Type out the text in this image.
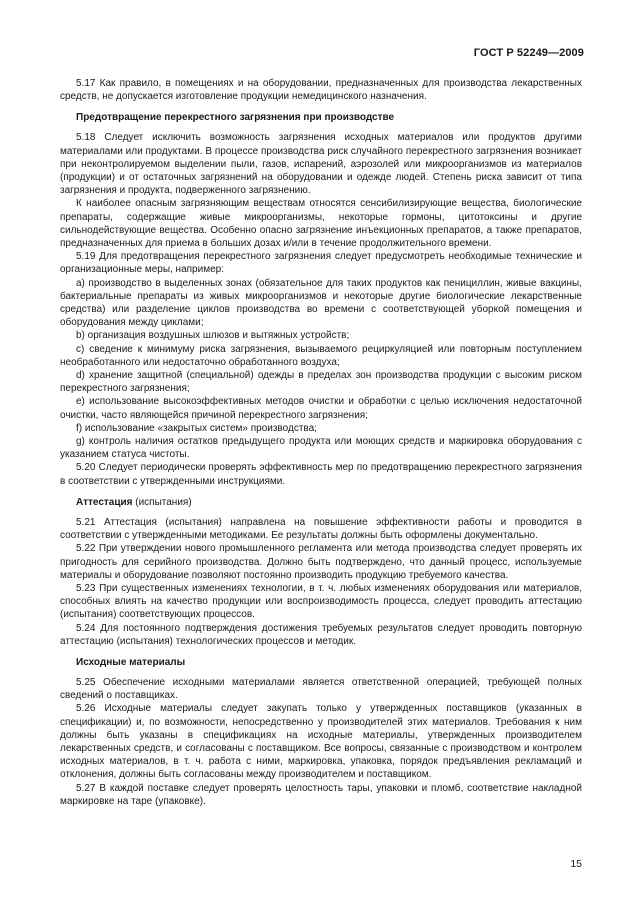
ГОСТ Р 52249—2009

5.17 Как правило, в помещениях и на оборудовании, предназначенных для производства лекарственных средств, не допускается изготовление продукции немедицинского назначения.

Предотвращение перекрестного загрязнения при производстве

5.18 Следует исключить возможность загрязнения исходных материалов или продуктов другими материалами или продуктами. В процессе производства риск случайного перекрестного загрязнения возникает при неконтролируемом выделении пыли, газов, испарений, аэрозолей или микроорганизмов из материалов (продукции) и от остаточных загрязнений на оборудовании и одежде людей. Степень риска зависит от типа загрязнения и продукта, подверженного загрязнению.

К наиболее опасным загрязняющим веществам относятся сенсибилизирующие вещества, биологические препараты, содержащие живые микроорганизмы, некоторые гормоны, цитотоксины и другие сильнодействующие вещества. Особенно опасно загрязнение инъекционных препаратов, а также препаратов, предназначенных для приема в больших дозах и/или в течение продолжительного времени.

5.19 Для предотвращения перекрестного загрязнения следует предусмотреть необходимые технические и организационные меры, например:

а) производство в выделенных зонах (обязательное для таких продуктов как пенициллин, живые вакцины, бактериальные препараты из живых микроорганизмов и некоторые другие биологические лекарственные средства) или разделение циклов производства во времени с соответствующей уборкой помещения и оборудования между циклами;

b) организация воздушных шлюзов и вытяжных устройств;

c) сведение к минимуму риска загрязнения, вызываемого рециркуляцией или повторным поступлением необработанного или недостаточно обработанного воздуха;

d) хранение защитной (специальной) одежды в пределах зон производства продукции с высоким риском перекрестного загрязнения;

e) использование высокоэффективных методов очистки и обработки с целью исключения недостаточной очистки, часто являющейся причиной перекрестного загрязнения;

f) использование «закрытых систем» производства;

g) контроль наличия остатков предыдущего продукта или моющих средств и маркировка оборудования с указанием статуса чистоты.

5.20 Следует периодически проверять эффективность мер по предотвращению перекрестного загрязнения в соответствии с утвержденными инструкциями.

Аттестация (испытания)

5.21 Аттестация (испытания) направлена на повышение эффективности работы и проводится в соответствии с утвержденными методиками. Ее результаты должны быть оформлены документально.

5.22 При утверждении нового промышленного регламента или метода производства следует проверять их пригодность для серийного производства. Должно быть подтверждено, что данный процесс, используемые материалы и оборудование позволяют постоянно производить продукцию требуемого качества.

5.23 При существенных изменениях технологии, в т. ч. любых изменениях оборудования или материалов, способных влиять на качество продукции или воспроизводимость процесса, следует проводить аттестацию (испытания) соответствующих процессов.

5.24 Для постоянного подтверждения достижения требуемых результатов следует проводить повторную аттестацию (испытания) технологических процессов и методик.

Исходные материалы

5.25 Обеспечение исходными материалами является ответственной операцией, требующей полных сведений о поставщиках.

5.26 Исходные материалы следует закупать только у утвержденных поставщиков (указанных в спецификации) и, по возможности, непосредственно у производителей этих материалов. Требования к ним должны быть указаны в спецификациях на исходные материалы, утвержденных производителем лекарственных средств, и согласованы с поставщиком. Все вопросы, связанные с производством и контролем исходных материалов, в т. ч. работа с ними, маркировка, упаковка, порядок предъявления рекламаций и отклонения, должны быть согласованы между производителем и поставщиком.

5.27 В каждой поставке следует проверять целостность тары, упаковки и пломб, соответствие накладной маркировке на таре (упаковке).

15
